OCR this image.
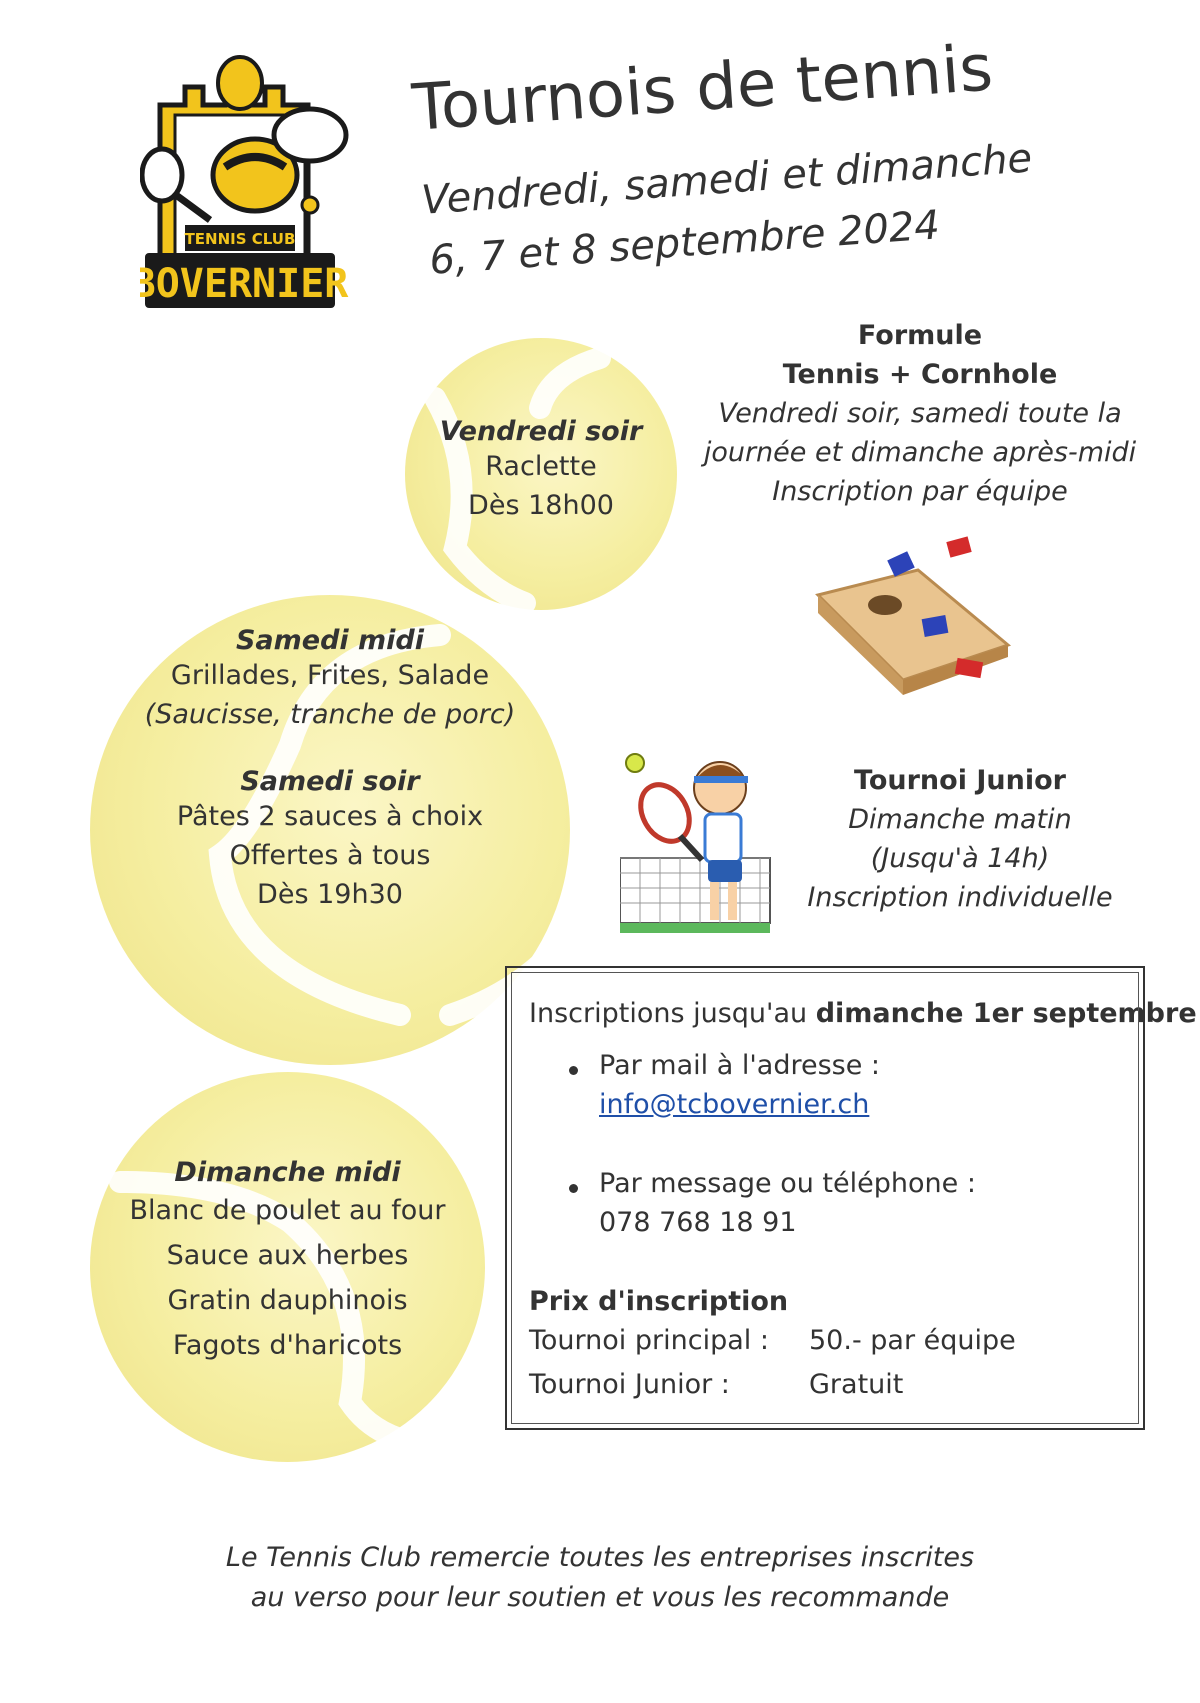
TENNIS CLUB
BOVERNIER
Tournois de tennis
Vendredi, samedi et dimanche
6, 7 et 8 septembre 2024
Vendredi soir
Raclette
Dès 18h00
Samedi midi
Grillades, Frites, Salade
(Saucisse, tranche de porc)
Samedi soir
Pâtes 2 sauces à choix
Offertes à tous
Dès 19h30
Dimanche midi
Blanc de poulet au four
Sauce aux herbes
Gratin dauphinois
Fagots d'haricots
Formule
Tennis + Cornhole
Vendredi soir, samedi toute la
journée et dimanche après-midi
Inscription par équipe
Tournoi Junior
Dimanche matin
(Jusqu'à 14h)
Inscription individuelle
Inscriptions jusqu'au dimanche 1er septembre
Par mail à l'adresse :
info@tcbovernier.ch
Par message ou téléphone :
078 768 18 91
Prix d'inscription
Tournoi principal : 50.- par équipe
Tournoi Junior :	Gratuit
Le Tennis Club remercie toutes les entreprises inscrites
au verso pour leur soutien et vous les recommande
